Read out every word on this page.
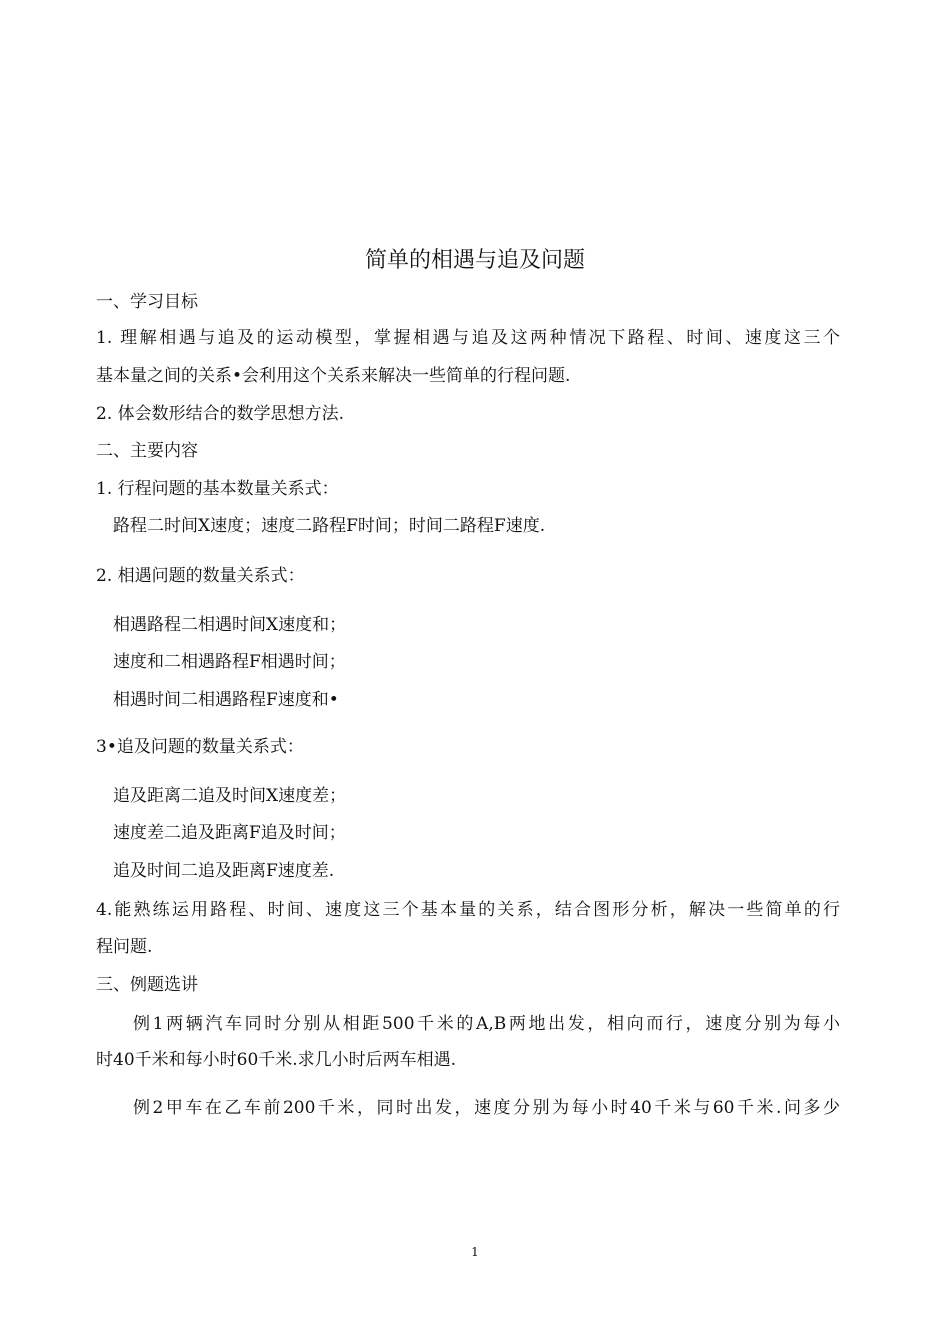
简单的相遇与追及问题
一、学习目标
1. 理解相遇与追及的运动模型，掌握相遇与追及这两种情况下路程、时间、速度这三个
基本量之间的关系•会利用这个关系来解决一些简单的行程问题.
2. 体会数形结合的数学思想方法.
二、主要内容
1. 行程问题的基本数量关系式：
路程二时间X速度；速度二路程F时间；时间二路程F速度.
2. 相遇问题的数量关系式：
相遇路程二相遇时间X速度和；
速度和二相遇路程F相遇时间；
相遇时间二相遇路程F速度和•
3•追及问题的数量关系式：
追及距离二追及时间X速度差；
速度差二追及距离F追及时间；
追及时间二追及距离F速度差.
4.能熟练运用路程、时间、速度这三个基本量的关系，结合图形分析，解决一些简单的行
程问题.
三、例题选讲
例1两辆汽车同时分别从相距500千米的A,B两地出发，相向而行，速度分别为每小
时40千米和每小时60千米.求几小时后两车相遇.
例2甲车在乙车前200千米，同时出发，速度分别为每小时40千米与60千米.问多少
1
